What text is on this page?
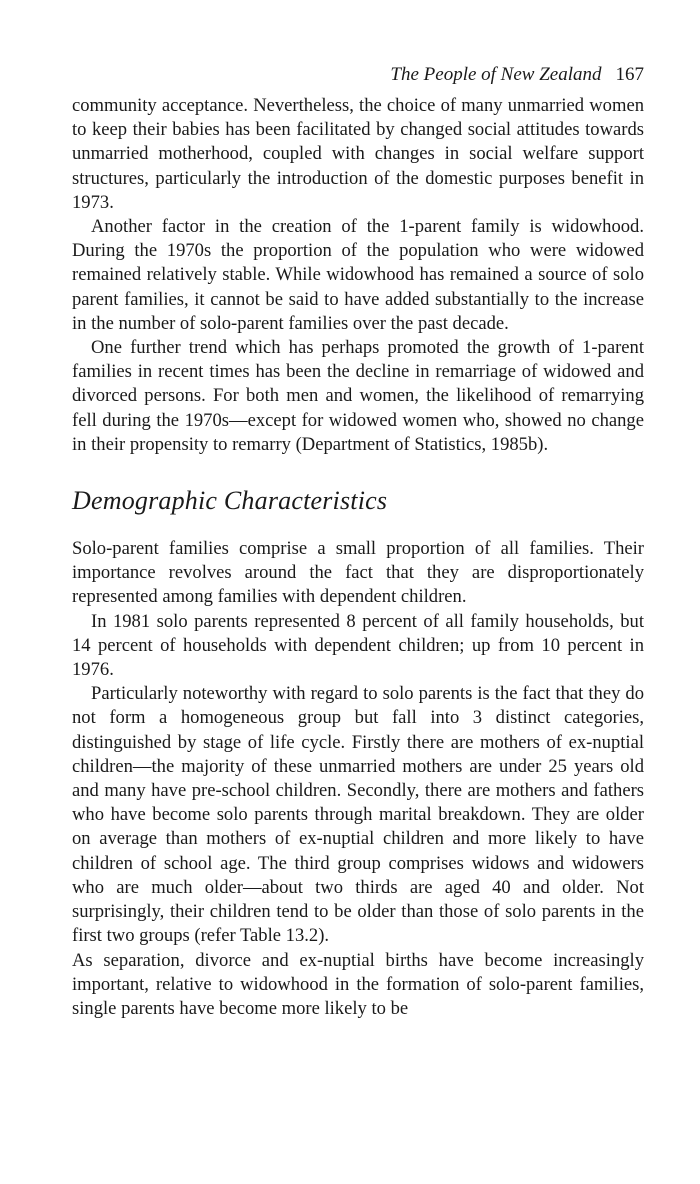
The People of New Zealand 167

community acceptance. Nevertheless, the choice of many unmarried women to keep their babies has been facilitated by changed social attitudes towards unmarried motherhood, coupled with changes in social welfare support structures, particularly the introduction of the domestic purposes benefit in 1973.

Another factor in the creation of the 1-parent family is widowhood. During the 1970s the proportion of the population who were widowed remained relatively stable. While widowhood has remained a source of solo parent families, it cannot be said to have added substantially to the increase in the number of solo-parent families over the past decade.

One further trend which has perhaps promoted the growth of 1-parent families in recent times has been the decline in remarriage of widowed and divorced persons. For both men and women, the likelihood of remarrying fell during the 1970s—except for widowed women who, showed no change in their propensity to remarry (Department of Statistics, 1985b).

Demographic Characteristics

Solo-parent families comprise a small proportion of all families. Their importance revolves around the fact that they are disproportionately represented among families with dependent children.

In 1981 solo parents represented 8 percent of all family households, but 14 percent of households with dependent children; up from 10 percent in 1976.

Particularly noteworthy with regard to solo parents is the fact that they do not form a homogeneous group but fall into 3 distinct categories, distinguished by stage of life cycle. Firstly there are mothers of ex-nuptial children—the majority of these unmarried mothers are under 25 years old and many have pre-school children. Secondly, there are mothers and fathers who have become solo parents through marital breakdown. They are older on average than mothers of ex-nuptial children and more likely to have children of school age. The third group comprises widows and widowers who are much older—about two thirds are aged 40 and older. Not surprisingly, their children tend to be older than those of solo parents in the first two groups (refer Table 13.2).

As separation, divorce and ex-nuptial births have become increasingly important, relative to widowhood in the formation of solo-parent families, single parents have become more likely to be
